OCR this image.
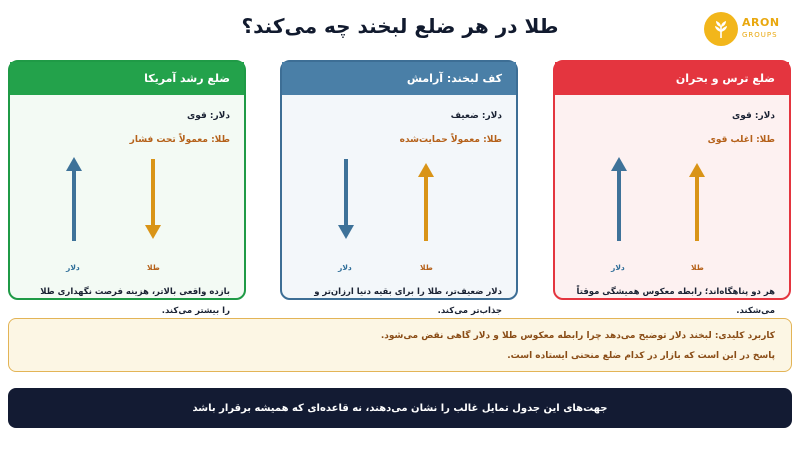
طلا در هر ضلع لبخند چه می‌کند؟	ARON
GROUPS
ضلع ترس و بحران
دلار: قوی
طلا: اغلب قوی
دلار	طلا
هر دو پناهگاه‌اند؛ رابطه معکوس همیشگی موقتاً می‌شکند.
کف لبخند: آرامش
دلار: ضعیف
طلا: معمولاً حمایت‌شده
دلار	طلا
دلار ضعیف‌تر، طلا را برای بقیه دنیا ارزان‌تر و جذاب‌تر می‌کند.
ضلع رشد آمریکا
دلار: قوی
طلا: معمولاً تحت فشار
دلار	طلا
بازده واقعی بالاتر، هزینه فرصت نگهداری طلا را بیشتر می‌کند.
کاربرد کلیدی: لبخند دلار توضیح می‌دهد چرا رابطه معکوس طلا و دلار گاهی نقض می‌شود.
پاسخ در این است که بازار در کدام ضلع منحنی ایستاده است.
جهت‌های این جدول تمایل غالب را نشان می‌دهند، نه قاعده‌ای که همیشه برقرار باشد
